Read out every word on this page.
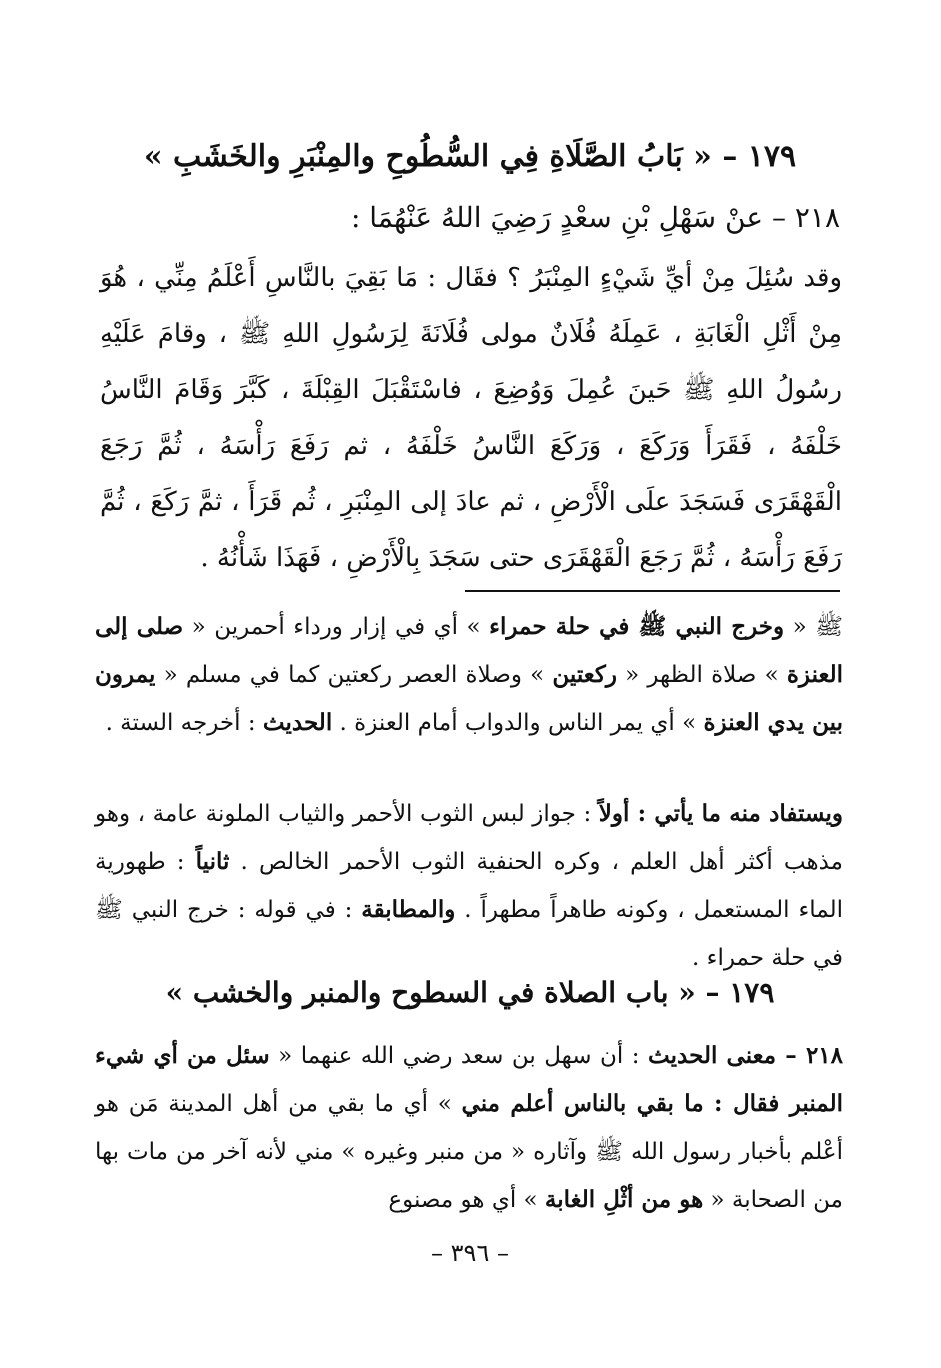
١٧٩ – « بَابُ الصَّلَاةِ فِي السُّطُوحِ والمِنْبَرِ والخَشَبِ »
٢١٨ – عنْ سَهْلِ بْنِ سعْدٍ رَضِيَ اللهُ عَنْهُمَا :
وقد سُئِلَ مِنْ أيِّ شَيْءٍ المِنْبَرُ ؟ فقَال : مَا بَقِيَ بالنَّاسِ أَعْلَمُ مِنِّي ، هُوَ مِنْ أَثْلِ الْغَابَةِ ، عَمِلَهُ فُلَانٌ مولى فُلَانَةَ لِرَسُولِ اللهِ ﷺ ، وقامَ عَلَيْهِ رسُولُ اللهِ ﷺ حَينَ عُمِلَ وَوُضِعَ ، فاسْتَقْبَلَ القِبْلَةَ ، كَبَّرَ وَقَامَ النَّاسُ خَلْفَهُ ، فَقَرَأَ وَرَكَعَ ، وَرَكَعَ النَّاسُ خَلْفَهُ ، ثم رَفَعَ رَأْسَهُ ، ثُمَّ رَجَعَ الْقَهْقَرَى فَسَجَدَ علَى الْأَرْضِ ، ثم عادَ إلى المِنْبَرِ ، ثُم قَرَأَ ، ثمَّ رَكَعَ ، ثُمَّ رَفَعَ رَأْسَهُ ، ثُمَّ رَجَعَ الْقَهْقَرَى حتى سَجَدَ بِالْأَرْضِ ، فَهَذَا شَأْنُهُ .
ﷺ « وخرج النبي ﷺ في حلة حمراء » أي في إزار ورداء أحمرين « صلى إلى العنزة » صلاة الظهر « ركعتين » وصلاة العصر ركعتين كما في مسلم « يمرون بين يدي العنزة » أي يمر الناس والدواب أمام العنزة . الحديث : أخرجه الستة .
ويستفاد منه ما يأتي : أولاً : جواز لبس الثوب الأحمر والثياب الملونة عامة ، وهو مذهب أكثر أهل العلم ، وكره الحنفية الثوب الأحمر الخالص . ثانياً : طهورية الماء المستعمل ، وكونه طاهراً مطهراً . والمطابقة : في قوله : خرج النبي ﷺ في حلة حمراء .
١٧٩ – « باب الصلاة في السطوح والمنبر والخشب »
٢١٨ – معنى الحديث : أن سهل بن سعد رضي الله عنهما « سئل من أي شيء المنبر فقال : ما بقي بالناس أعلم مني » أي ما بقي من أهل المدينة مَن هو أعْلم بأخبار رسول الله ﷺ وآثاره « من منبر وغيره » مني لأنه آخر من مات بها من الصحابة « هو من أثْلِ الغابة » أي هو مصنوع
– ٣٩٦ –
